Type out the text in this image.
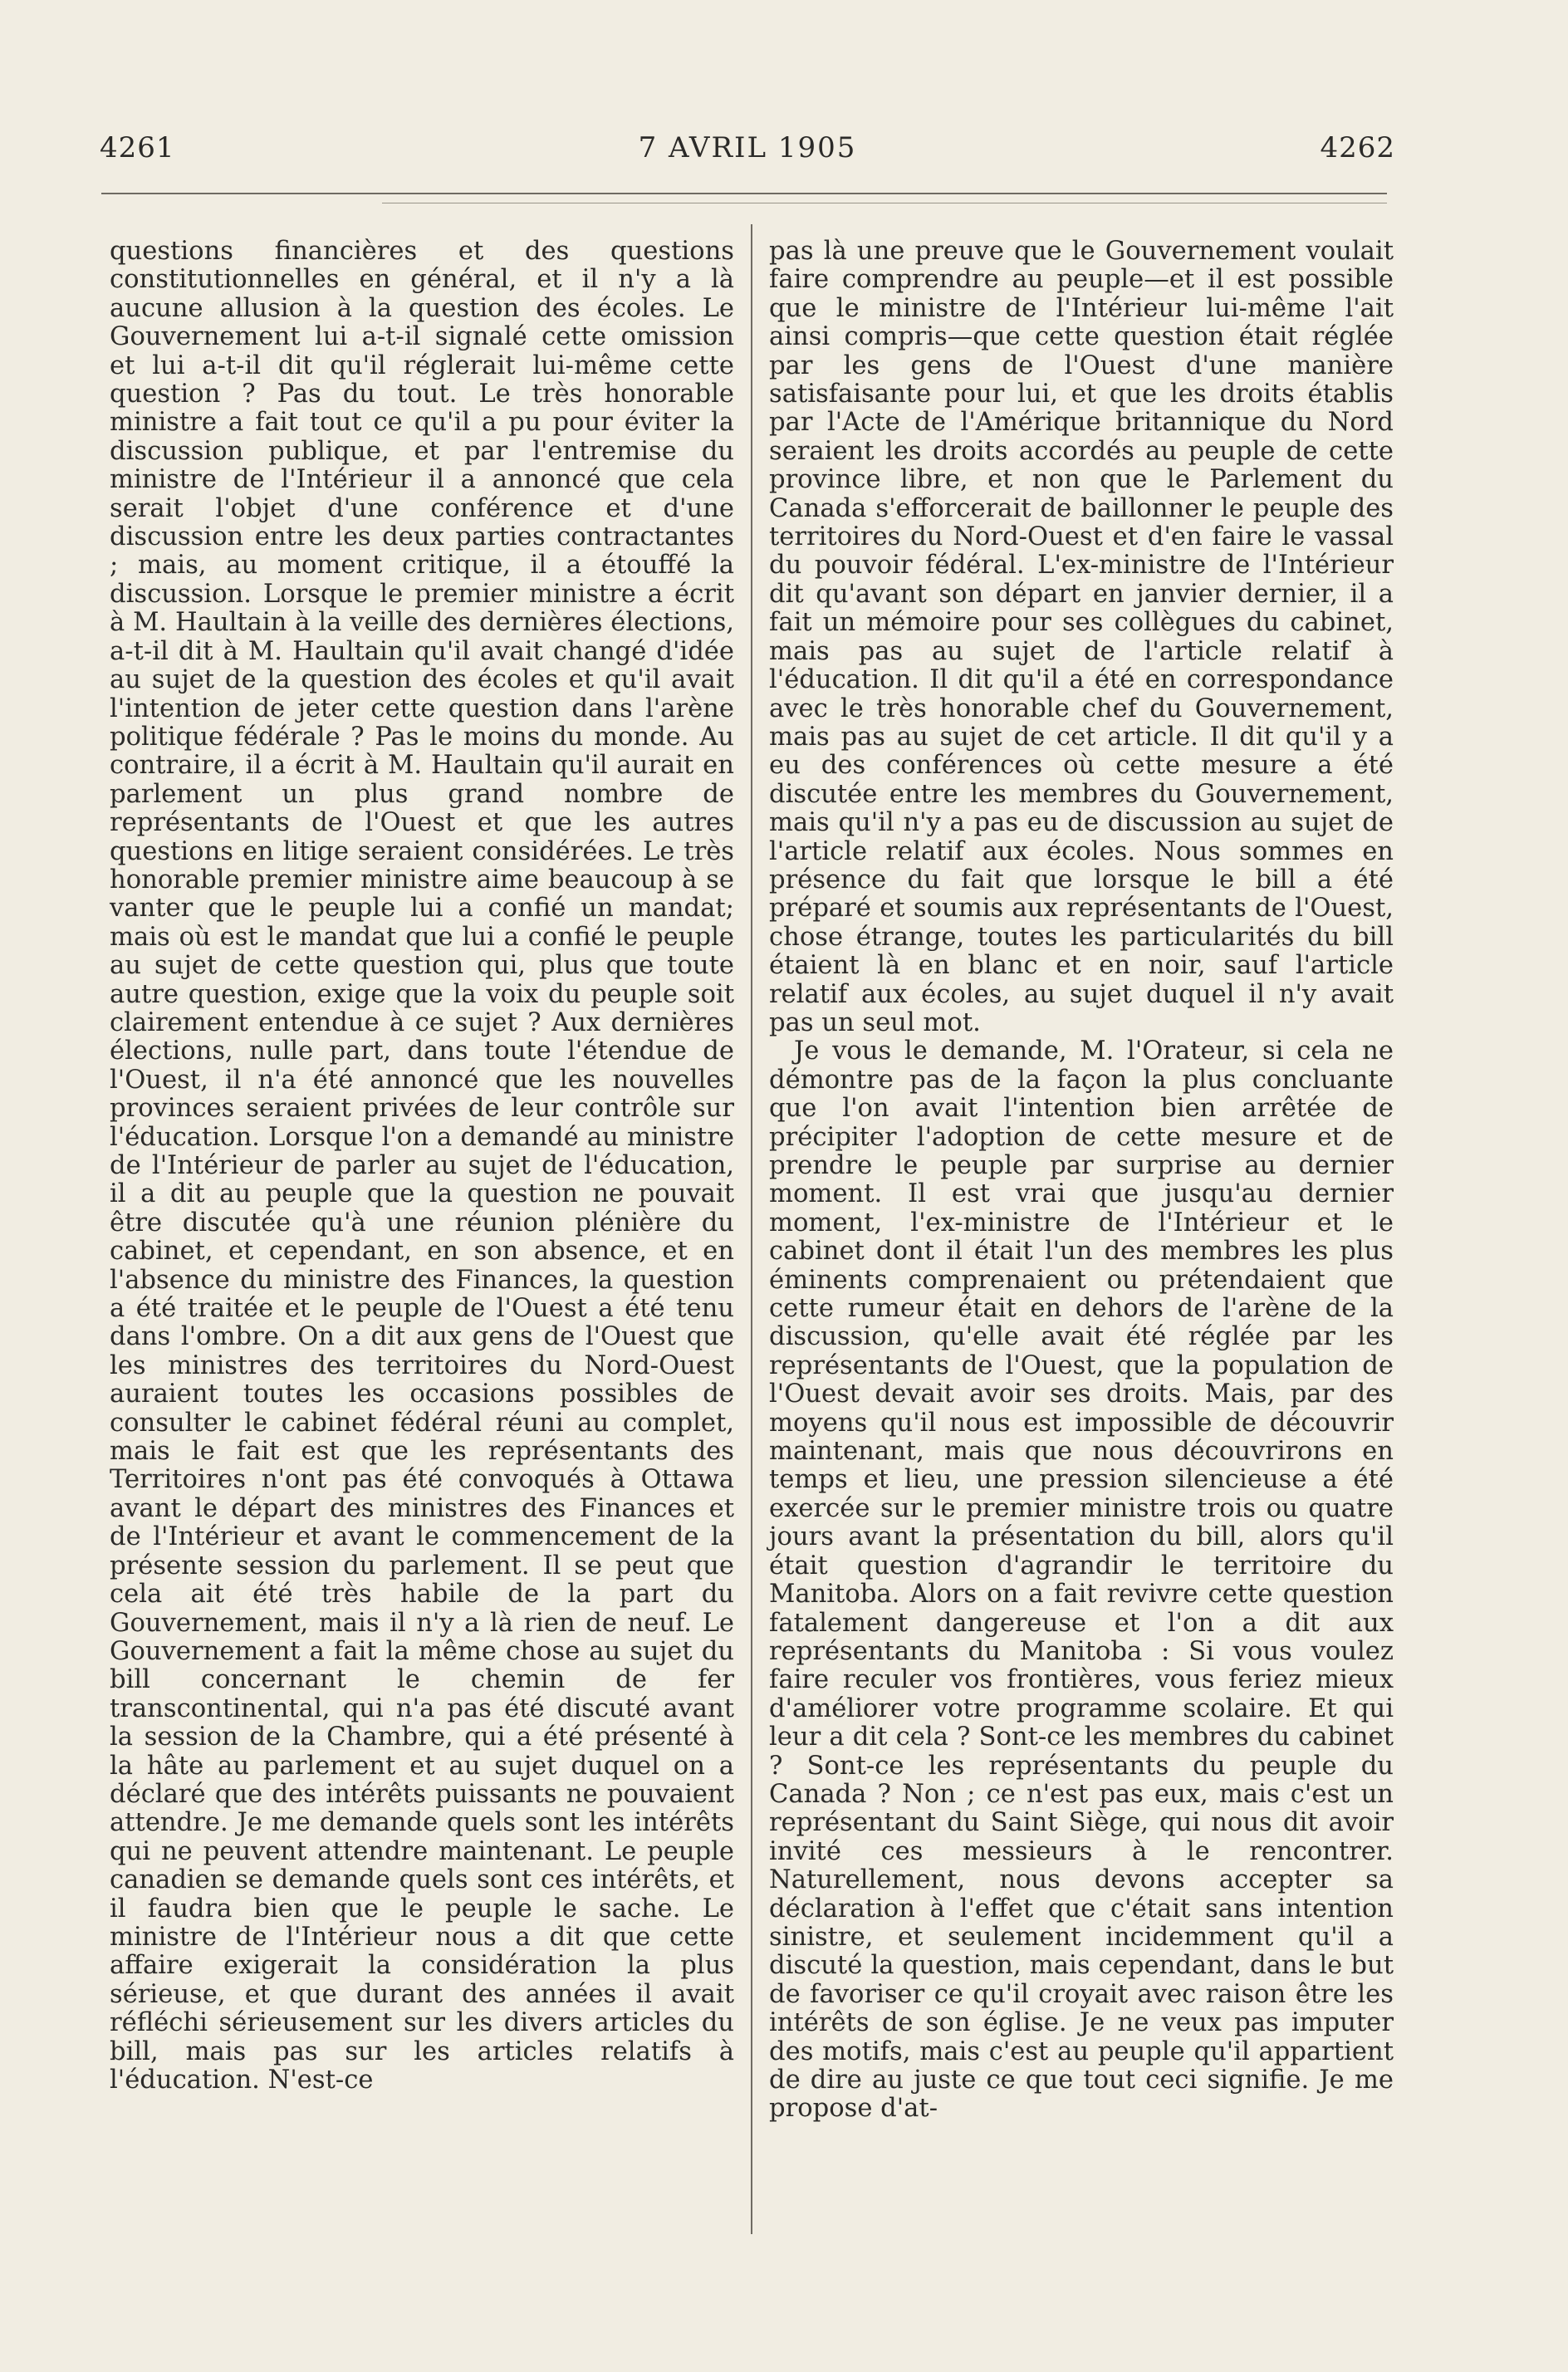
7 AVRIL 1905
4261	4262

questions financières et des questions constitutionnelles en général, et il n'y a là aucune allusion à la question des écoles. Le Gouvernement lui a-t-il signalé cette omission et lui a-t-il dit qu'il réglerait lui-même cette question ? Pas du tout. Le très honorable ministre a fait tout ce qu'il a pu pour éviter la discussion publique, et par l'entremise du ministre de l'Intérieur il a annoncé que cela serait l'objet d'une conférence et d'une discussion entre les deux parties contractantes ; mais, au moment critique, il a étouffé la discussion. Lorsque le premier ministre a écrit à M. Haultain à la veille des dernières élections, a-t-il dit à M. Haultain qu'il avait changé d'idée au sujet de la question des écoles et qu'il avait l'intention de jeter cette question dans l'arène politique fédérale ? Pas le moins du monde. Au contraire, il a écrit à M. Haultain qu'il aurait en parlement un plus grand nombre de représentants de l'Ouest et que les autres questions en litige seraient considérées. Le très honorable premier ministre aime beaucoup à se vanter que le peuple lui a confié un mandat; mais où est le mandat que lui a confié le peuple au sujet de cette question qui, plus que toute autre question, exige que la voix du peuple soit clairement entendue à ce sujet ? Aux dernières élections, nulle part, dans toute l'étendue de l'Ouest, il n'a été annoncé que les nouvelles provinces seraient privées de leur contrôle sur l'éducation. Lorsque l'on a demandé au ministre de l'Intérieur de parler au sujet de l'éducation, il a dit au peuple que la question ne pouvait être discutée qu'à une réunion plénière du cabinet, et cependant, en son absence, et en l'absence du ministre des Finances, la question a été traitée et le peuple de l'Ouest a été tenu dans l'ombre. On a dit aux gens de l'Ouest que les ministres des territoires du Nord-Ouest auraient toutes les occasions possibles de consulter le cabinet fédéral réuni au complet, mais le fait est que les représentants des Territoires n'ont pas été convoqués à Ottawa avant le départ des ministres des Finances et de l'Intérieur et avant le commencement de la présente session du parlement. Il se peut que cela ait été très habile de la part du Gouvernement, mais il n'y a là rien de neuf. Le Gouvernement a fait la même chose au sujet du bill concernant le chemin de fer transcontinental, qui n'a pas été discuté avant la session de la Chambre, qui a été présenté à la hâte au parlement et au sujet duquel on a déclaré que des intérêts puissants ne pouvaient attendre. Je me demande quels sont les intérêts qui ne peuvent attendre maintenant. Le peuple canadien se demande quels sont ces intérêts, et il faudra bien que le peuple le sache. Le ministre de l'Intérieur nous a dit que cette affaire exigerait la considération la plus sérieuse, et que durant des années il avait réfléchi sérieusement sur les divers articles du bill, mais pas sur les articles relatifs à l'éducation. N'est-ce

pas là une preuve que le Gouvernement voulait faire comprendre au peuple—et il est possible que le ministre de l'Intérieur lui-même l'ait ainsi compris—que cette question était réglée par les gens de l'Ouest d'une manière satisfaisante pour lui, et que les droits établis par l'Acte de l'Amérique britannique du Nord seraient les droits accordés au peuple de cette province libre, et non que le Parlement du Canada s'efforcerait de baillonner le peuple des territoires du Nord-Ouest et d'en faire le vassal du pouvoir fédéral. L'ex-ministre de l'Intérieur dit qu'avant son départ en janvier dernier, il a fait un mémoire pour ses collègues du cabinet, mais pas au sujet de l'article relatif à l'éducation. Il dit qu'il a été en correspondance avec le très honorable chef du Gouvernement, mais pas au sujet de cet article. Il dit qu'il y a eu des conférences où cette mesure a été discutée entre les membres du Gouvernement, mais qu'il n'y a pas eu de discussion au sujet de l'article relatif aux écoles. Nous sommes en présence du fait que lorsque le bill a été préparé et soumis aux représentants de l'Ouest, chose étrange, toutes les particularités du bill étaient là en blanc et en noir, sauf l'article relatif aux écoles, au sujet duquel il n'y avait pas un seul mot.

Je vous le demande, M. l'Orateur, si cela ne démontre pas de la façon la plus concluante que l'on avait l'intention bien arrêtée de précipiter l'adoption de cette mesure et de prendre le peuple par surprise au dernier moment. Il est vrai que jusqu'au dernier moment, l'ex-ministre de l'Intérieur et le cabinet dont il était l'un des membres les plus éminents comprenaient ou prétendaient que cette rumeur était en dehors de l'arène de la discussion, qu'elle avait été réglée par les représentants de l'Ouest, que la population de l'Ouest devait avoir ses droits. Mais, par des moyens qu'il nous est impossible de découvrir maintenant, mais que nous découvrirons en temps et lieu, une pression silencieuse a été exercée sur le premier ministre trois ou quatre jours avant la présentation du bill, alors qu'il était question d'agrandir le territoire du Manitoba. Alors on a fait revivre cette question fatalement dangereuse et l'on a dit aux représentants du Manitoba : Si vous voulez faire reculer vos frontières, vous feriez mieux d'améliorer votre programme scolaire. Et qui leur a dit cela ? Sont-ce les membres du cabinet ? Sont-ce les représentants du peuple du Canada ? Non ; ce n'est pas eux, mais c'est un représentant du Saint Siège, qui nous dit avoir invité ces messieurs à le rencontrer. Naturellement, nous devons accepter sa déclaration à l'effet que c'était sans intention sinistre, et seulement incidemment qu'il a discuté la question, mais cependant, dans le but de favoriser ce qu'il croyait avec raison être les intérêts de son église. Je ne veux pas imputer des motifs, mais c'est au peuple qu'il appartient de dire au juste ce que tout ceci signifie. Je me propose d'at-
